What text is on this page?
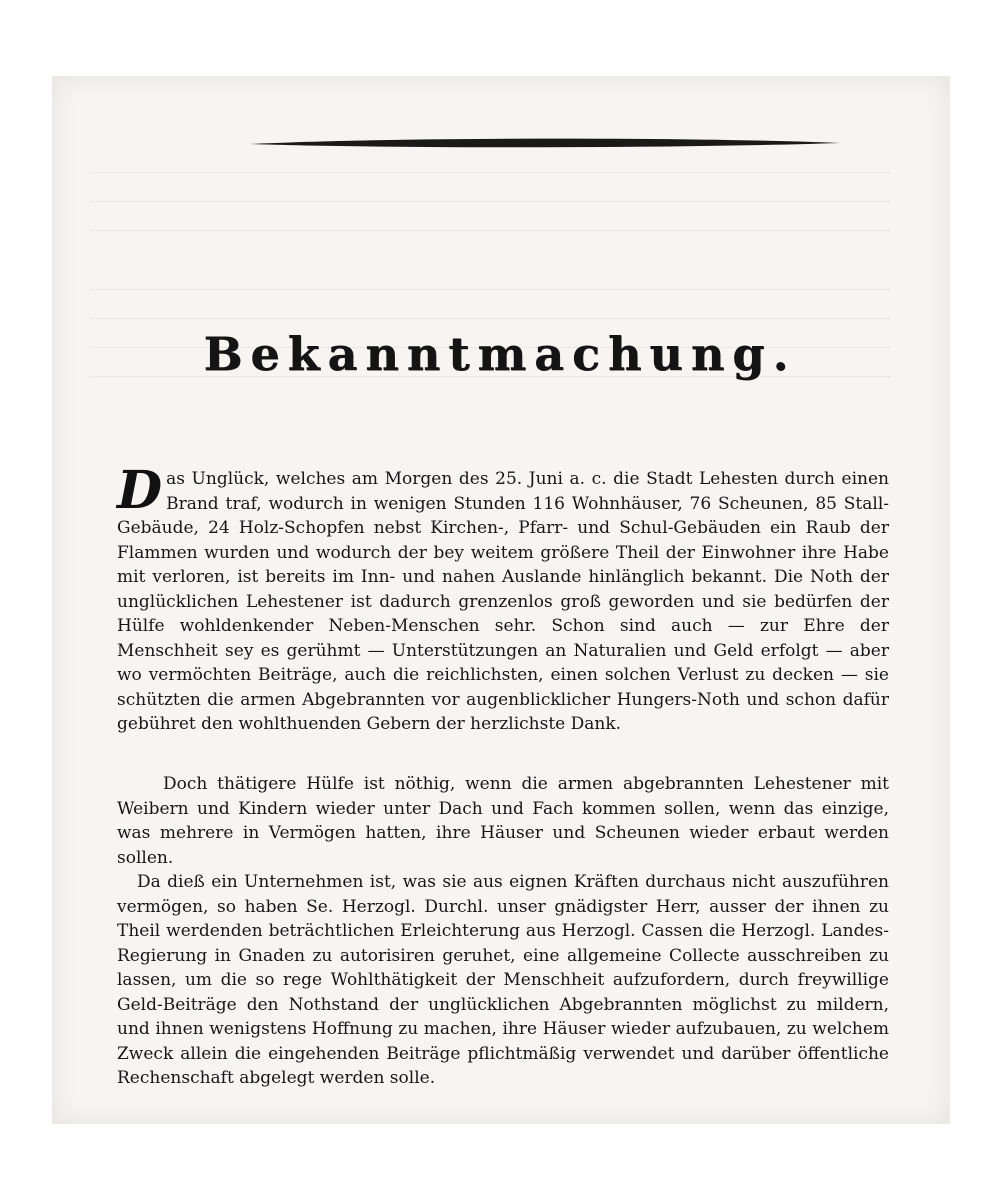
Bekanntmachung.
D as Unglück, welches am Morgen des 25. Juni a. c. die Stadt Lehesten durch einen Brand traf, wodurch in wenigen Stunden 116 Wohnhäuser, 76 Scheunen, 85 Stall-Gebäude, 24 Holz-Schopfen nebst Kirchen-, Pfarr- und Schul-Gebäuden ein Raub der Flammen wurden und wodurch der bey weitem größere Theil der Einwohner ihre Habe mit verloren, ist bereits im Inn- und nahen Auslande hinlänglich bekannt. Die Noth der unglücklichen Lehestener ist dadurch grenzenlos groß geworden und sie bedürfen der Hülfe wohldenkender Neben-Menschen sehr. Schon sind auch — zur Ehre der Menschheit sey es gerühmt — Unterstützungen an Naturalien und Geld erfolgt — aber wo vermöchten Beiträge, auch die reichlichsten, einen solchen Verlust zu decken — sie schützten die armen Abgebrannten vor augenblicklicher Hungers-Noth und schon dafür gebühret den wohlthuenden Gebern der herzlichste Dank.
Doch thätigere Hülfe ist nöthig, wenn die armen abgebrannten Lehestener mit Weibern und Kindern wieder unter Dach und Fach kommen sollen, wenn das einzige, was mehrere in Vermögen hatten, ihre Häuser und Scheunen wieder erbaut werden sollen.
Da dieß ein Unternehmen ist, was sie aus eignen Kräften durchaus nicht auszuführen vermögen, so haben Se. Herzogl. Durchl. unser gnädigster Herr, ausser der ihnen zu Theil werdenden beträchtlichen Erleichterung aus Herzogl. Cassen die Herzogl. Landes-Regierung in Gnaden zu autorisiren geruhet, eine allgemeine Collecte ausschreiben zu lassen, um die so rege Wohlthätigkeit der Menschheit aufzufordern, durch freywillige Geld-Beiträge den Nothstand der unglücklichen Abgebrannten möglichst zu mildern, und ihnen wenigstens Hoffnung zu machen, ihre Häuser wieder aufzubauen, zu welchem Zweck allein die eingehenden Beiträge pflichtmäßig verwendet und darüber öffentliche Rechenschaft abgelegt werden solle.
